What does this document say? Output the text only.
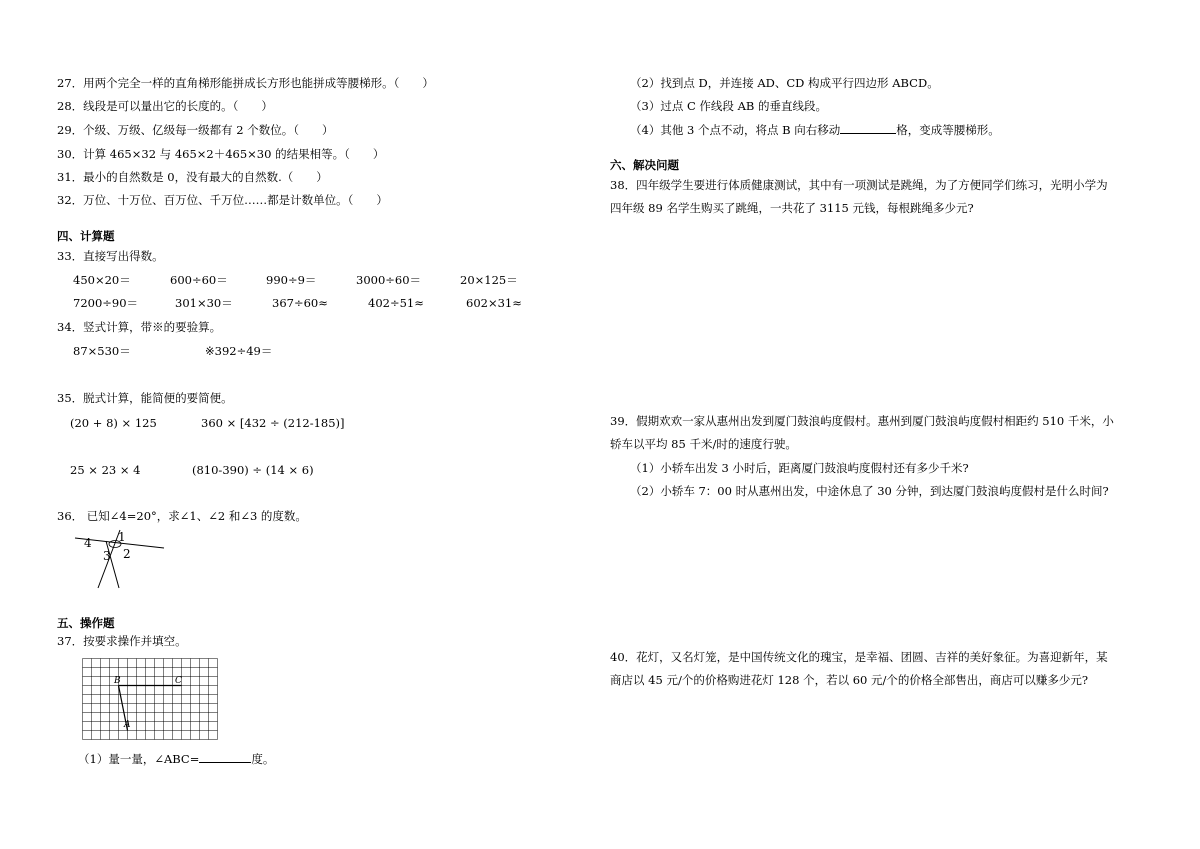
27．用两个完全一样的直角梯形能拼成长方形也能拼成等腰梯形。（　　）
28．线段是可以量出它的长度的。（　　）
29．个级、万级、亿级每一级都有 2 个数位。（　　）
30．计算 465×32 与 465×2＋465×30 的结果相等。（　　）
31．最小的自然数是 0，没有最大的自然数.（　　）
32．万位、十万位、百万位、千万位……都是计数单位。（　　）
四、计算题
33．直接写出得数。
450×20＝	600÷60＝	990÷9＝	3000÷60＝	20×125＝
7200÷90＝	301×30＝	367÷60≈	402÷51≈	602×31≈
34．竖式计算，带※的要验算。
87×530＝	※392÷49＝
35．脱式计算，能简便的要简便。
(20 + 8) × 125	360 × [432 ÷ (212-185)]
25 × 23 × 4	(810-390) ÷ (14 × 6)
36． 已知∠4=20°，求∠1、∠2 和∠3 的度数。
4 1
3 2
五、操作题
37．按要求操作并填空。
B	C
A
（1）量一量，∠ABC=	度。
（2）找到点 D，并连接 AD、CD 构成平行四边形 ABCD。
（3）过点 C 作线段 AB 的垂直线段。
（4）其他 3 个点不动，将点 B 向右移动	格，变成等腰梯形。
六、解决问题
38．四年级学生要进行体质健康测试，其中有一项测试是跳绳，为了方便同学们练习，光明小学为
四年级 89 名学生购买了跳绳，一共花了 3115 元钱，每根跳绳多少元?
39．假期欢欢一家从惠州出发到厦门鼓浪屿度假村。惠州到厦门鼓浪屿度假村相距约 510 千米，小
轿车以平均 85 千米/时的速度行驶。
（1）小轿车出发 3 小时后，距离厦门鼓浪屿度假村还有多少千米?
（2）小轿车 7：00 时从惠州出发，中途休息了 30 分钟，到达厦门鼓浪屿度假村是什么时间?
40．花灯，又名灯笼，是中国传统文化的瑰宝，是幸福、团圆、吉祥的美好象征。为喜迎新年，某
商店以 45 元/个的价格购进花灯 128 个，若以 60 元/个的价格全部售出，商店可以赚多少元?
